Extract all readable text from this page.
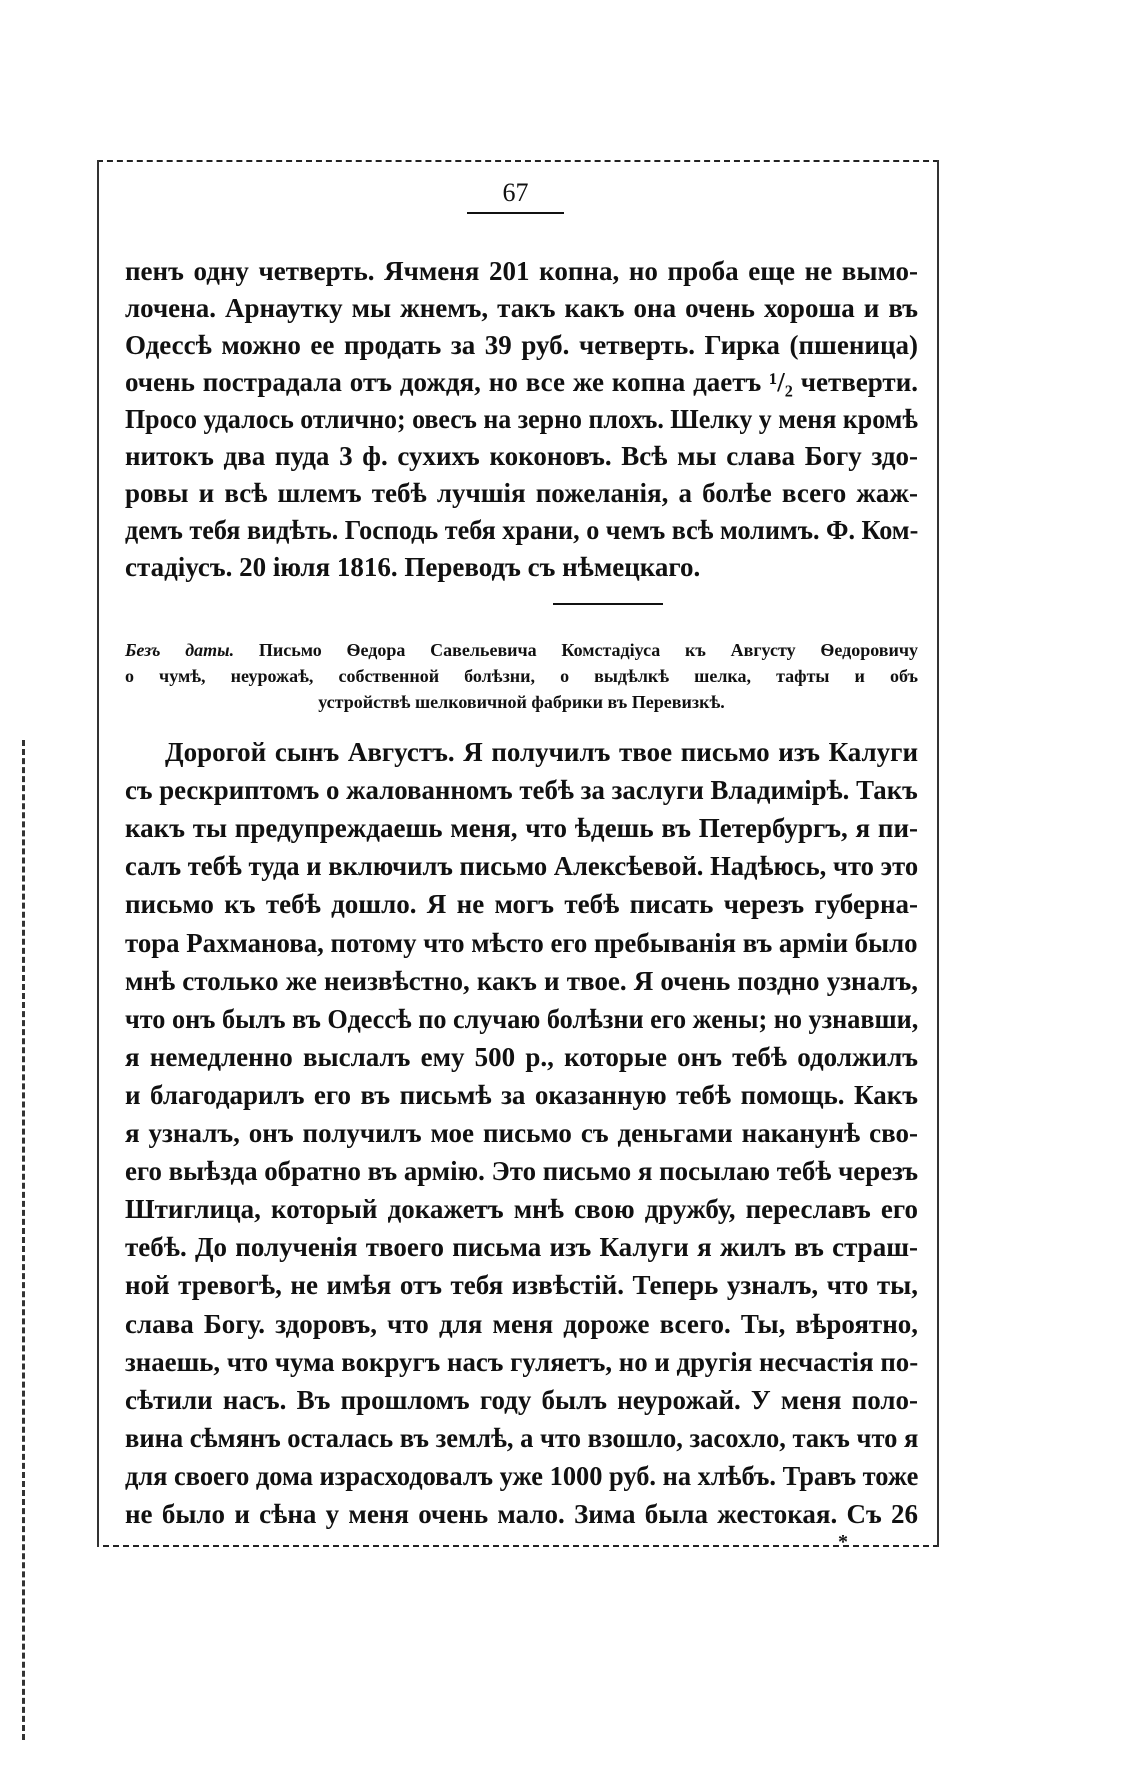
67
пенъ одну четверть. Ячменя 201 копна, но проба еще не вымо-
лочена. Арнаутку мы жнемъ, такъ какъ она очень хороша и въ
Одессѣ можно ее продать за 39 руб. четверть. Гирка (пшеница)
очень пострадала отъ дождя, но все же копна даетъ ¹/₂ четверти.
Просо удалось отлично; овесъ на зерно плохъ. Шелку у меня кромѣ
нитокъ два пуда 3 ф. сухихъ коконовъ. Всѣ мы слава Богу здо-
ровы и всѣ шлемъ тебѣ лучшія пожеланія, а болѣе всего жаж-
демъ тебя видѣть. Господь тебя храни, о чемъ всѣ молимъ. Ф. Ком-
стадіусъ. 20 іюля 1816. Переводъ съ нѣмецкаго.
Безъ даты. Письмо Ѳедора Савельевича Комстадіуса къ Августу Ѳедоровичу
о чумѣ, неурожаѣ, собственной болѣзни, о выдѣлкѣ шелка, тафты и объ
устройствѣ шелковичной фабрики въ Перевизкѣ.
Дорогой сынъ Августъ. Я получилъ твое письмо изъ Калуги
съ рескриптомъ о жалованномъ тебѣ за заслуги Владимірѣ. Такъ
какъ ты предупреждаешь меня, что ѣдешь въ Петербургъ, я пи-
салъ тебѣ туда и включилъ письмо Алексѣевой. Надѣюсь, что это
письмо къ тебѣ дошло. Я не могъ тебѣ писать черезъ губерна-
тора Рахманова, потому что мѣсто его пребыванія въ арміи было
мнѣ столько же неизвѣстно, какъ и твое. Я очень поздно узналъ,
что онъ былъ въ Одессѣ по случаю болѣзни его жены; но узнавши,
я немедленно выслалъ ему 500 р., которые онъ тебѣ одолжилъ
и благодарилъ его въ письмѣ за оказанную тебѣ помощь. Какъ
я узналъ, онъ получилъ мое письмо съ деньгами наканунѣ сво-
его выѣзда обратно въ армію. Это письмо я посылаю тебѣ черезъ
Штиглица, который докажетъ мнѣ свою дружбу, переславъ его
тебѣ. До полученія твоего письма изъ Калуги я жилъ въ страш-
ной тревогѣ, не имѣя отъ тебя извѣстій. Теперь узналъ, что ты,
слава Богу. здоровъ, что для меня дороже всего. Ты, вѣроятно,
знаешь, что чума вокругъ насъ гуляетъ, но и другія несчастія по-
сѣтили насъ. Въ прошломъ году былъ неурожай. У меня поло-
вина сѣмянъ осталась въ землѣ, а что взошло, засохло, такъ что я
для своего дома израсходовалъ уже 1000 руб. на хлѣбъ. Травъ тоже
не было и сѣна у меня очень мало. Зима была жестокая. Съ 26
*
